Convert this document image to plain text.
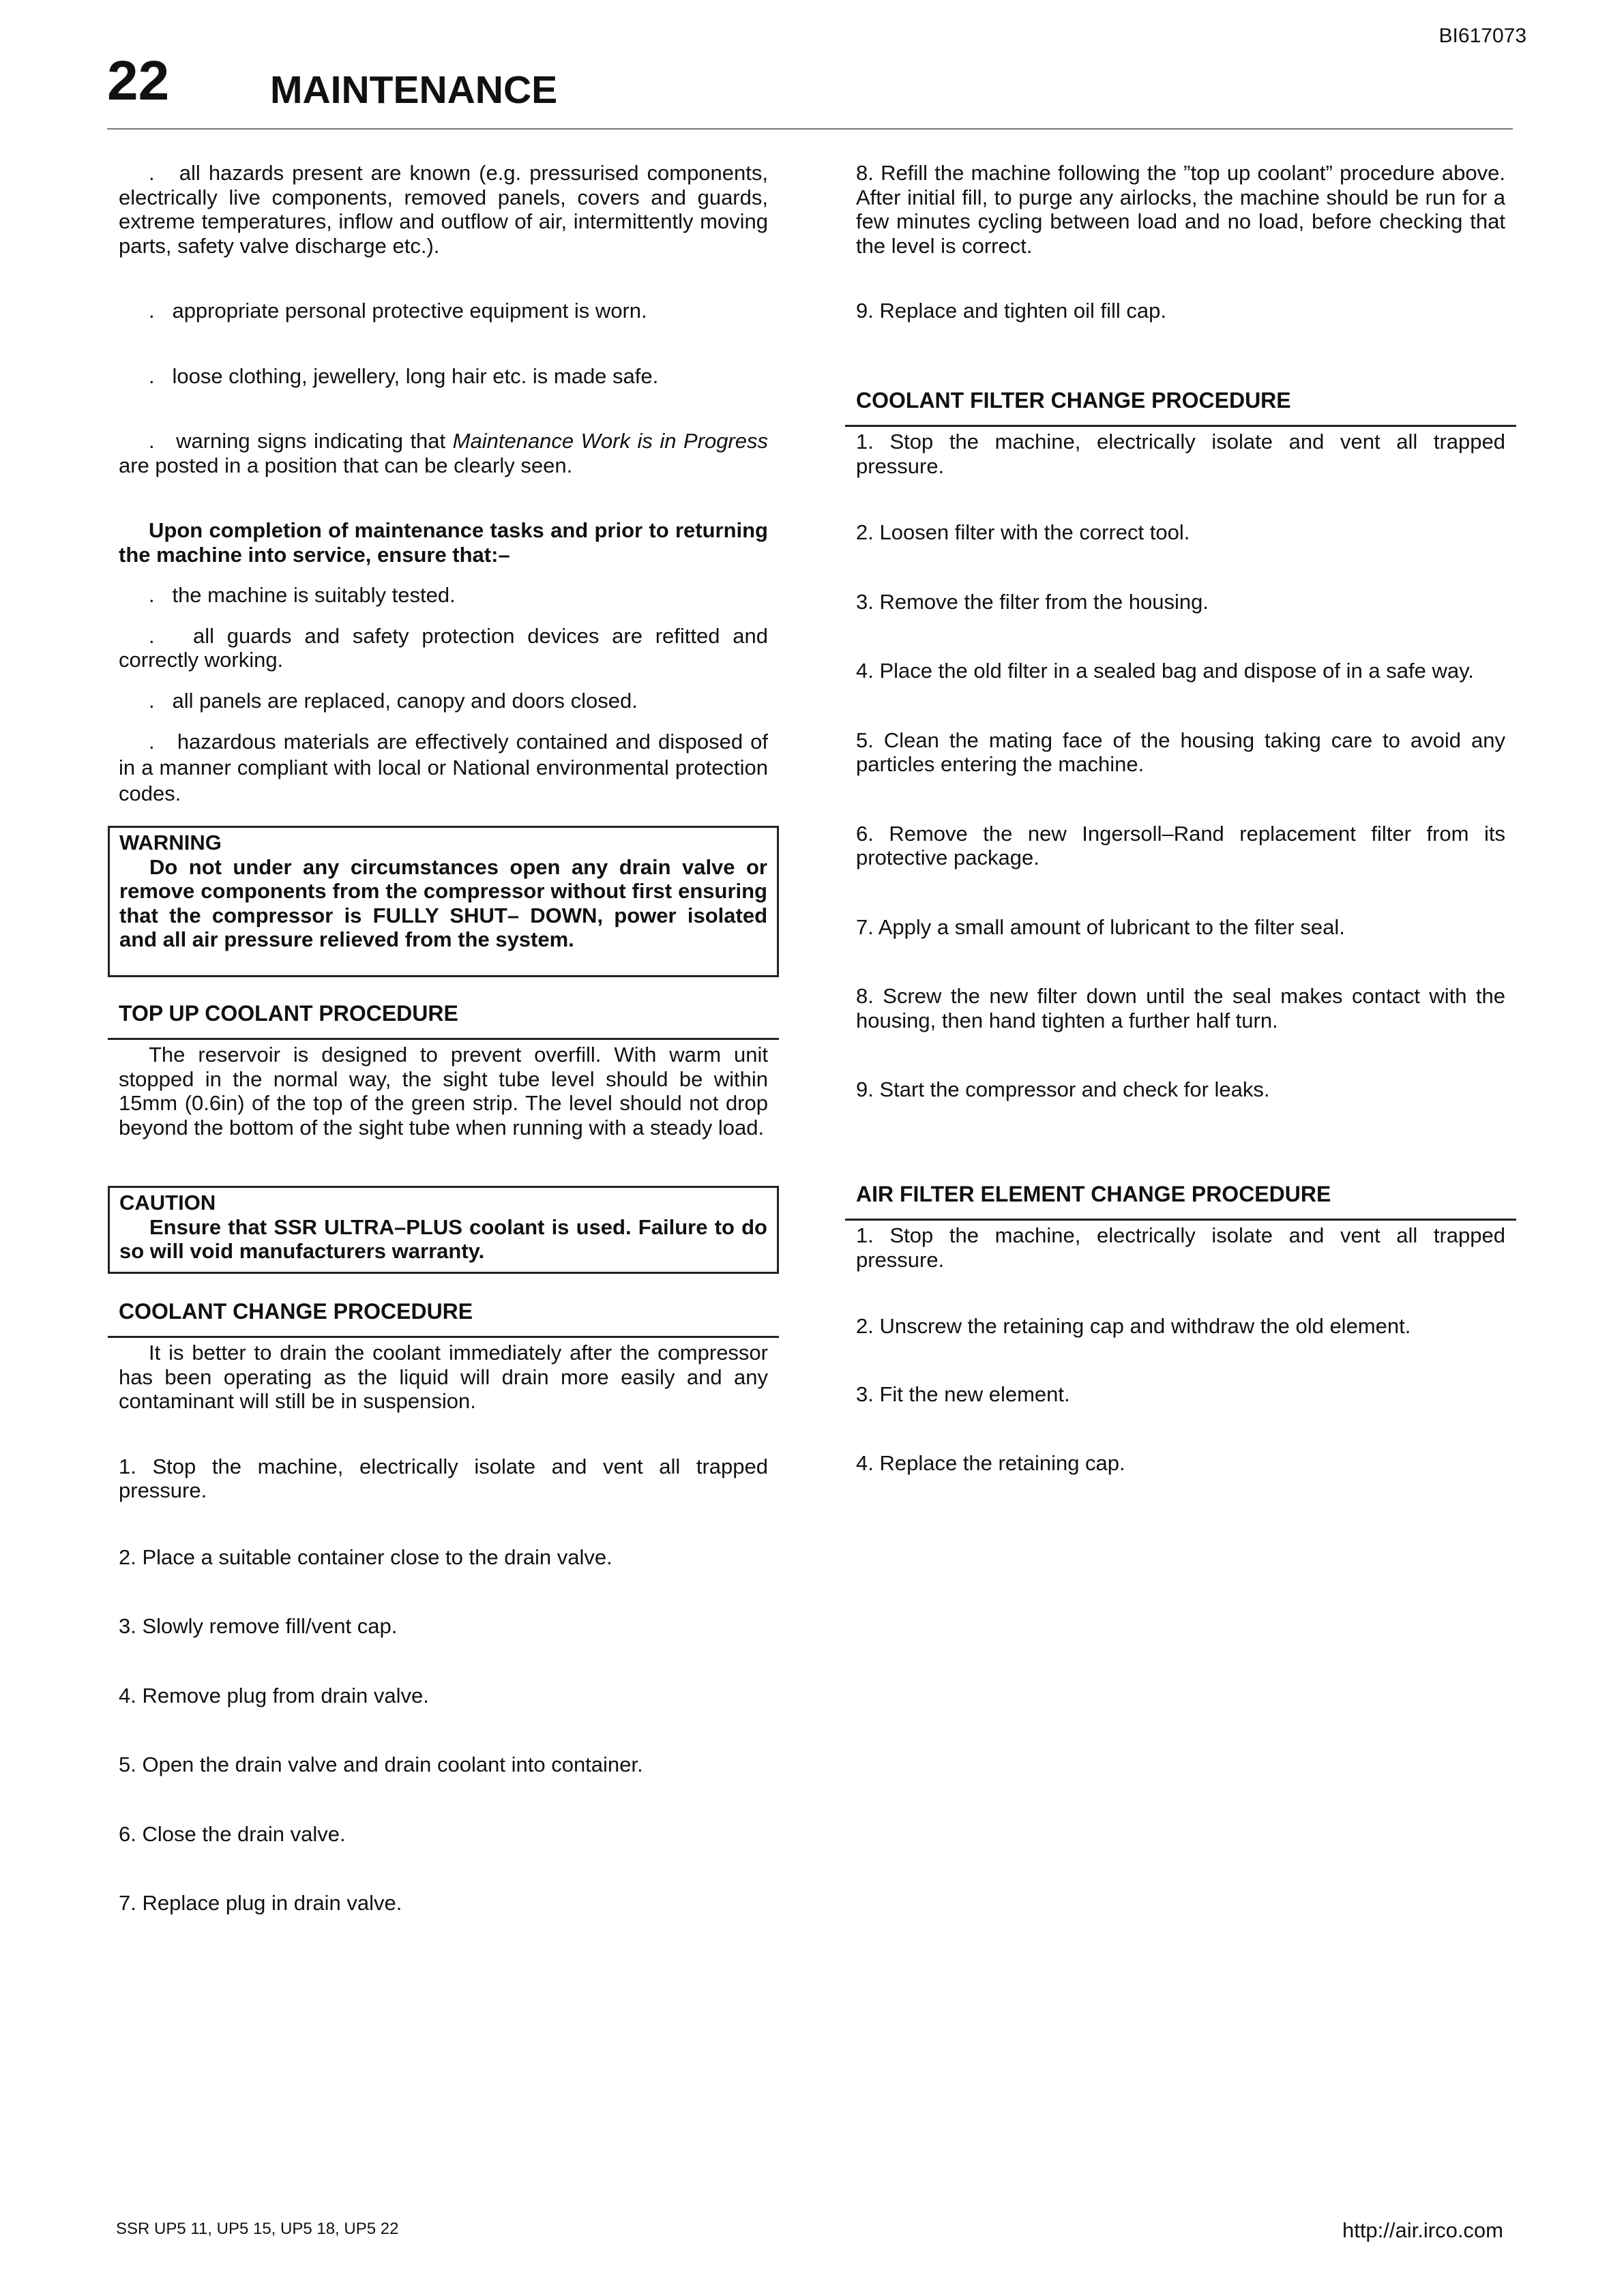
BI617073
22	MAINTENANCE

.   all hazards present are known (e.g. pressurised components, electrically live components, removed panels, covers and guards, extreme temperatures, inflow and outflow of air, intermittently moving parts, safety valve discharge etc.).

.   appropriate personal protective equipment is worn.

.   loose clothing, jewellery, long hair etc. is made safe.

.   warning signs indicating that Maintenance Work is in Progress are posted in a position that can be clearly seen.

Upon completion of maintenance tasks and prior to returning the machine into service, ensure that:–

.   the machine is suitably tested.

.   all guards and safety protection devices are refitted and correctly working.

.   all panels are replaced, canopy and doors closed.

.   hazardous materials are effectively contained and disposed of in a manner compliant with local or National environmental protection codes.

WARNING
Do not under any circumstances open any drain valve or remove components from the compressor without first ensuring that the compressor is FULLY SHUT– DOWN, power isolated and all air pressure relieved from the system.
TOP UP COOLANT PROCEDURE

The reservoir is designed to prevent overfill. With warm unit stopped in the normal way, the sight tube level should be within 15mm (0.6in) of the top of the green strip. The level should not drop beyond the bottom of the sight tube when running with a steady load.

CAUTION
Ensure that SSR ULTRA–PLUS coolant is used. Failure to do so will void manufacturers warranty.
COOLANT CHANGE PROCEDURE

It is better to drain the coolant immediately after the compressor has been operating as the liquid will drain more easily and any contaminant will still be in suspension.

1. Stop the machine, electrically isolate and vent all trapped pressure.

2. Place a suitable container close to the drain valve.

3. Slowly remove fill/vent cap.

4. Remove plug from drain valve.

5. Open the drain valve and drain coolant into container.

6. Close the drain valve.

7. Replace plug in drain valve.

8. Refill the machine following the ”top up coolant” procedure above. After initial fill, to purge any airlocks, the machine should be run for a few minutes cycling between load and no load, before checking that the level is correct.

9. Replace and tighten oil fill cap.

COOLANT FILTER CHANGE PROCEDURE

1. Stop the machine, electrically isolate and vent all trapped pressure.

2. Loosen filter with the correct tool.

3. Remove the filter from the housing.

4. Place the old filter in a sealed bag and dispose of in a safe way.

5. Clean the mating face of the housing taking care to avoid any particles entering the machine.

6. Remove the new Ingersoll–Rand replacement filter from its protective package.

7. Apply a small amount of lubricant to the filter seal.

8. Screw the new filter down until the seal makes contact with the housing, then hand tighten a further half turn.

9. Start the compressor and check for leaks.

AIR FILTER ELEMENT CHANGE PROCEDURE

1. Stop the machine, electrically isolate and vent all trapped pressure.

2. Unscrew the retaining cap and withdraw the old element.

3. Fit the new element.

4. Replace the retaining cap.

SSR UP5 11, UP5 15, UP5 18, UP5 22	http://air.irco.com
